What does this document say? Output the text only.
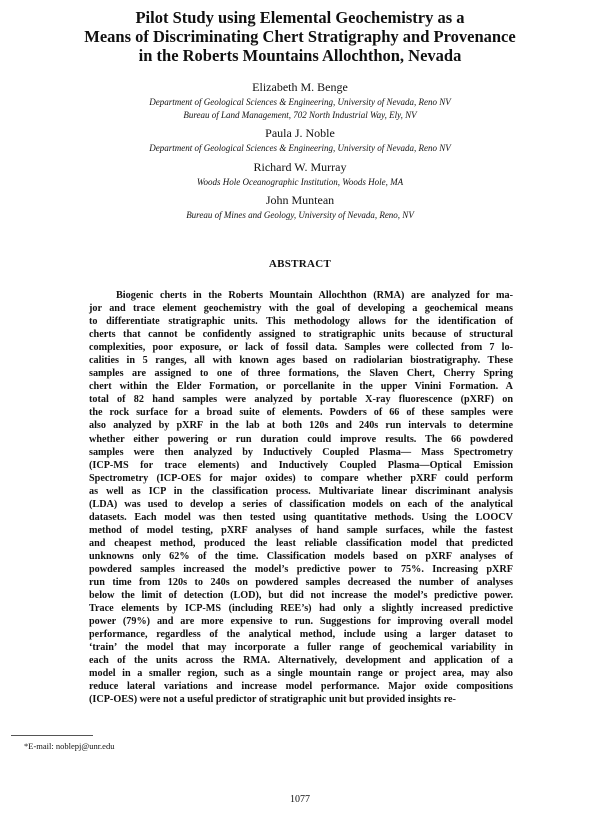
Pilot Study using Elemental Geochemistry as a
Means of Discriminating Chert Stratigraphy and Provenance
in the Roberts Mountains Allochthon, Nevada
Elizabeth M. Benge
Department of Geological Sciences & Engineering, University of Nevada, Reno NV
Bureau of Land Management, 702 North Industrial Way, Ely, NV
Paula J. Noble
Department of Geological Sciences & Engineering, University of Nevada, Reno NV
Richard W. Murray
Woods Hole Oceanographic Institution, Woods Hole, MA
John Muntean
Bureau of Mines and Geology, University of Nevada, Reno, NV
ABSTRACT
Biogenic cherts in the Roberts Mountain Allochthon (RMA) are analyzed for ma-
jor and trace element geochemistry with the goal of developing a geochemical means
to differentiate stratigraphic units. This methodology allows for the identification of
cherts that cannot be confidently assigned to stratigraphic units because of structural
complexities, poor exposure, or lack of fossil data. Samples were collected from 7 lo-
calities in 5 ranges, all with known ages based on radiolarian biostratigraphy. These
samples are assigned to one of three formations, the Slaven Chert, Cherry Spring
chert within the Elder Formation, or porcellanite in the upper Vinini Formation. A
total of 82 hand samples were analyzed by portable X-ray fluorescence (pXRF) on
the rock surface for a broad suite of elements. Powders of 66 of these samples were
also analyzed by pXRF in the lab at both 120s and 240s run intervals to determine
whether either powering or run duration could improve results. The 66 powdered
samples were then analyzed by Inductively Coupled Plasma— Mass Spectrometry
(ICP-MS for trace elements) and Inductively Coupled Plasma—Optical Emission
Spectrometry (ICP-OES for major oxides) to compare whether pXRF could perform
as well as ICP in the classification process. Multivariate linear discriminant analysis
(LDA) was used to develop a series of classification models on each of the analytical
datasets. Each model was then tested using quantitative methods. Using the LOOCV
method of model testing, pXRF analyses of hand sample surfaces, while the fastest
and cheapest method, produced the least reliable classification model that predicted
unknowns only 62% of the time. Classification models based on pXRF analyses of
powdered samples increased the model’s predictive power to 75%. Increasing pXRF
run time from 120s to 240s on powdered samples decreased the number of analyses
below the limit of detection (LOD), but did not increase the model’s predictive power.
Trace elements by ICP-MS (including REE’s) had only a slightly increased predictive
power (79%) and are more expensive to run. Suggestions for improving overall model
performance, regardless of the analytical method, include using a larger dataset to
‘train’ the model that may incorporate a fuller range of geochemical variability in
each of the units across the RMA. Alternatively, development and application of a
model in a smaller region, such as a single mountain range or project area, may also
reduce lateral variations and increase model performance. Major oxide compositions
(ICP-OES) were not a useful predictor of stratigraphic unit but provided insights re-
*E-mail: noblepj@unr.edu
1077
